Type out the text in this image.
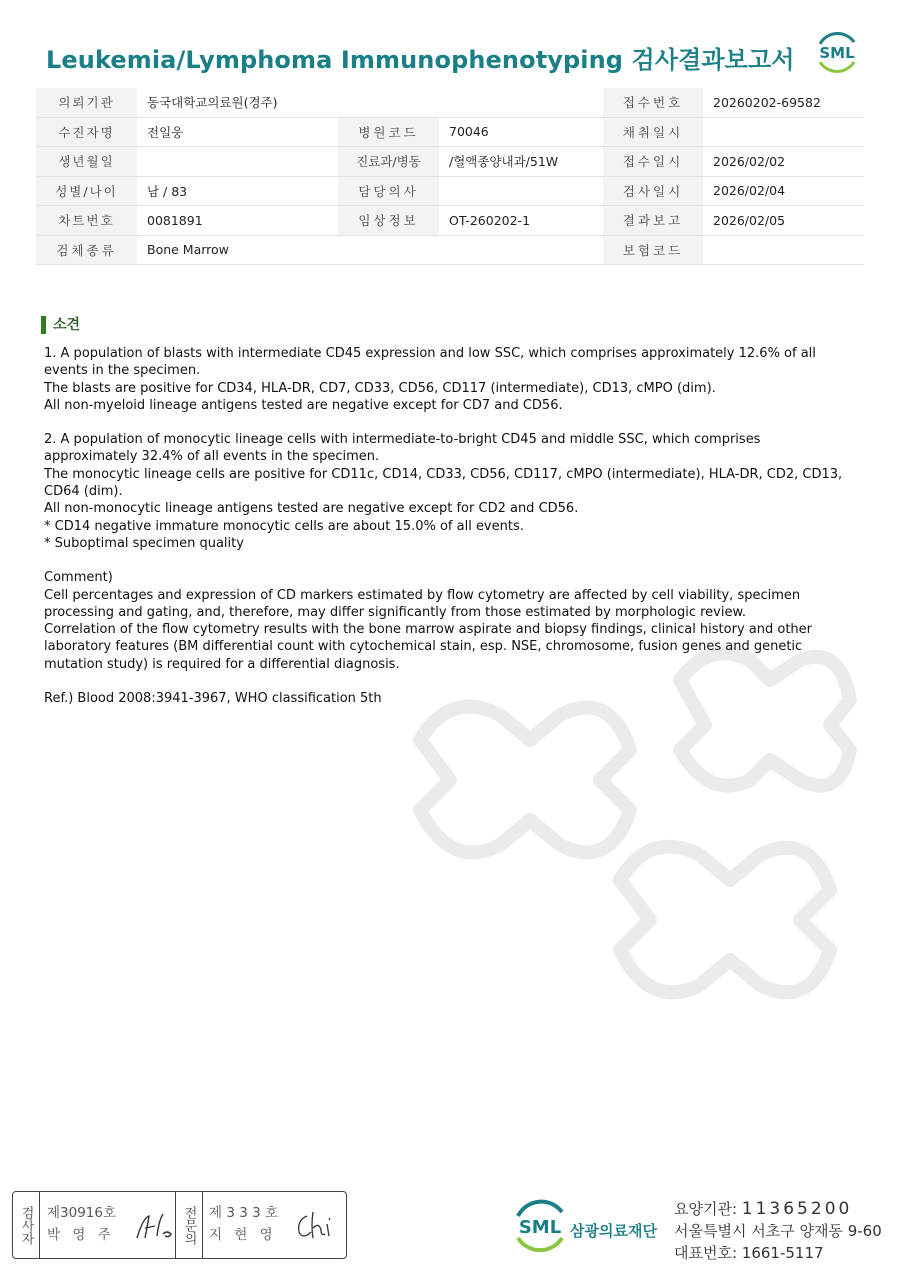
Leukemia/Lymphoma Immunophenotyping 검사결과보고서 SML
의뢰기관	동국대학교의료원(경주)			접수번호	20260202-69582
수진자명	전일웅	병원코드	70046	채취일시	
생년월일		진료과/병동	/혈액종양내과/51W	접수일시	2026/02/02
성별/나이	남 / 83	담당의사		검사일시	2026/02/04
차트번호	0081891	임상정보	OT-260202-1	결과보고	2026/02/05
검체종류	Bone Marrow			보험코드	
소견

1. A population of blasts with intermediate CD45 expression and low SSC, which comprises approximately 12.6% of all events in the specimen.

The blasts are positive for CD34, HLA-DR, CD7, CD33, CD56, CD117 (intermediate), CD13, cMPO (dim).

All non-myeloid lineage antigens tested are negative except for CD7 and CD56.

2. A population of monocytic lineage cells with intermediate-to-bright CD45 and middle SSC, which comprises approximately 32.4% of all events in the specimen.

The monocytic lineage cells are positive for CD11c, CD14, CD33, CD56, CD117, cMPO (intermediate), HLA-DR, CD2, CD13, CD64 (dim).

All non-monocytic lineage antigens tested are negative except for CD2 and CD56.

* CD14 negative immature monocytic cells are about 15.0% of all events.

* Suboptimal specimen quality

Comment)

Cell percentages and expression of CD markers estimated by flow cytometry are affected by cell viability, specimen processing and gating, and, therefore, may differ significantly from those estimated by morphologic review.

Correlation of the flow cytometry results with the bone marrow aspirate and biopsy findings, clinical history and other laboratory features (BM differential count with cytochemical stain, esp. NSE, chromosome, fusion genes and genetic mutation study) is required for a differential diagnosis.

Ref.) Blood 2008:3941-3967, WHO classification 5th

검사자	제30916호
박 영 주	전문의 제 3 3 3 호
지 현 영	SML 삼광의료재단
요양기관: 11365200
서울특별시 서초구 양재동 9-60
대표번호: 1661-5117
